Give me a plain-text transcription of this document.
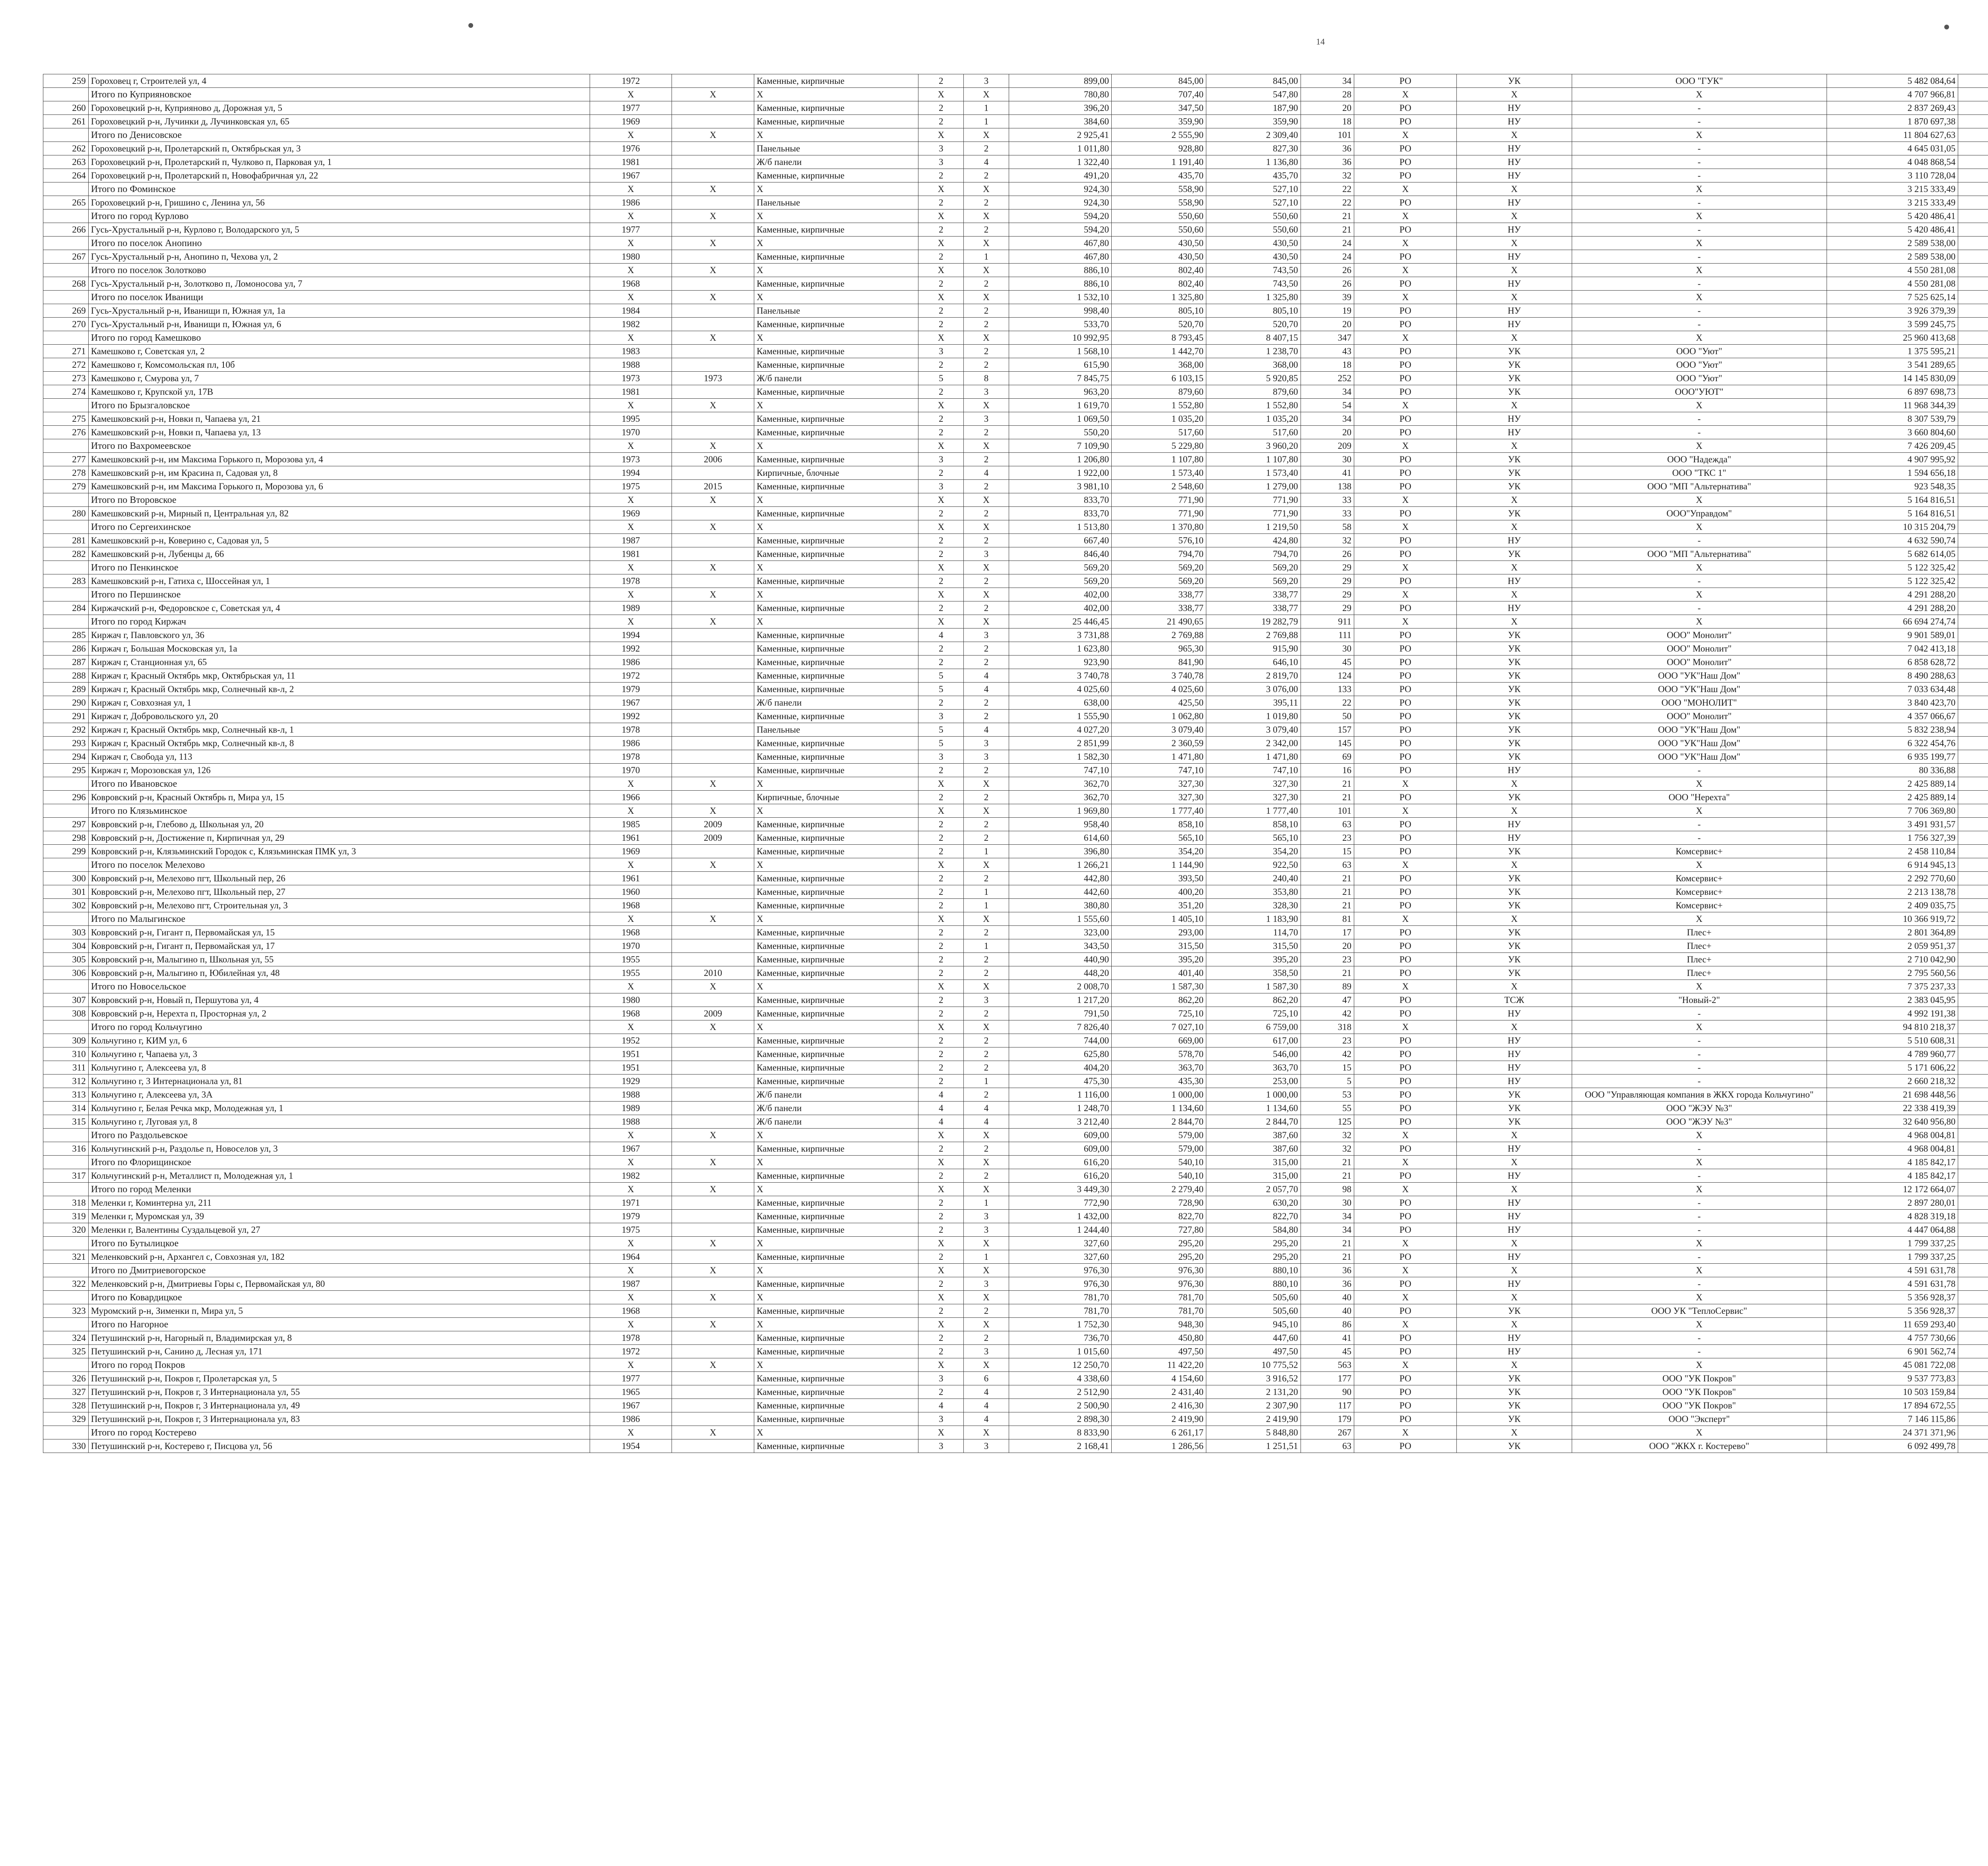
14
259	Гороховец г, Строителей ул, 4	1972		Каменные, кирпичные	2	3	899,00	845,00	845,00	34	РО	УК	ООО "ГУК"	5 482 084,64						
	Итого по Куприяновское	X	X	X	X	X	780,80	707,40	547,80	28	X	X	X	4 707 966,81						
260	Гороховецкий р-н, Куприяново д, Дорожная ул, 5	1977		Каменные, кирпичные	2	1	396,20	347,50	187,90	20	РО	НУ	-	2 837 269,43						
261	Гороховецкий р-н, Лучинки д, Лучинковская ул, 65	1969		Каменные, кирпичные	2	1	384,60	359,90	359,90	18	РО	НУ	-	1 870 697,38						
	Итого по Денисовское	X	X	X	X	X	2 925,41	2 555,90	2 309,40	101	X	X	X	11 804 627,63						
262	Гороховецкий р-н, Пролетарский п, Октябрьская ул, 3	1976		Панельные	3	2	1 011,80	928,80	827,30	36	РО	НУ	-	4 645 031,05						
263	Гороховецкий р-н, Пролетарский п, Чулково п, Парковая ул, 1	1981		Ж/б панели	3	4	1 322,40	1 191,40	1 136,80	36	РО	НУ	-	4 048 868,54						
264	Гороховецкий р-н, Пролетарский п, Новофабричная ул, 22	1967		Каменные, кирпичные	2	2	491,20	435,70	435,70	32	РО	НУ	-	3 110 728,04						
	Итого по Фоминское	X	X	X	X	X	924,30	558,90	527,10	22	X	X	X	3 215 333,49						
265	Гороховецкий р-н, Гришино с, Ленина ул, 56	1986		Панельные	2	2	924,30	558,90	527,10	22	РО	НУ	-	3 215 333,49						
	Итого по город Курлово	X	X	X	X	X	594,20	550,60	550,60	21	X	X	X	5 420 486,41						
266	Гусь-Хрустальный р-н, Курлово г, Володарского ул, 5	1977		Каменные, кирпичные	2	2	594,20	550,60	550,60	21	РО	НУ	-	5 420 486,41						
	Итого по поселок Анопино	X	X	X	X	X	467,80	430,50	430,50	24	X	X	X	2 589 538,00						
267	Гусь-Хрустальный р-н, Анопино п, Чехова ул, 2	1980		Каменные, кирпичные	2	1	467,80	430,50	430,50	24	РО	НУ	-	2 589 538,00						
	Итого по поселок Золотково	X	X	X	X	X	886,10	802,40	743,50	26	X	X	X	4 550 281,08						
268	Гусь-Хрустальный р-н, Золотково п, Ломоносова ул, 7	1968		Каменные, кирпичные	2	2	886,10	802,40	743,50	26	РО	НУ	-	4 550 281,08						
	Итого по поселок Иванищи	X	X	X	X	X	1 532,10	1 325,80	1 325,80	39	X	X	X	7 525 625,14						
269	Гусь-Хрустальный р-н, Иванищи п, Южная ул, 1а	1984		Панельные	2	2	998,40	805,10	805,10	19	РО	НУ	-	3 926 379,39						
270	Гусь-Хрустальный р-н, Иванищи п, Южная ул, 6	1982		Каменные, кирпичные	2	2	533,70	520,70	520,70	20	РО	НУ	-	3 599 245,75						
	Итого по город Камешково	X	X	X	X	X	10 992,95	8 793,45	8 407,15	347	X	X	X	25 960 413,68						
271	Камешково г, Советская ул, 2	1983		Каменные, кирпичные	3	2	1 568,10	1 442,70	1 238,70	43	РО	УК	ООО "Уют"	1 375 595,21						
272	Камешково г, Комсомольская пл, 10б	1988		Каменные, кирпичные	2	2	615,90	368,00	368,00	18	РО	УК	ООО "Уют"	3 541 289,65						
273	Камешково г, Смурова ул, 7	1973	1973	Ж/б панели	5	8	7 845,75	6 103,15	5 920,85	252	РО	УК	ООО "Уют"	14 145 830,09						
274	Камешково г, Крупской ул, 17В	1981		Каменные, кирпичные	2	3	963,20	879,60	879,60	34	РО	УК	ООО"УЮТ"	6 897 698,73						
	Итого по Брызгаловское	X	X	X	X	X	1 619,70	1 552,80	1 552,80	54	X	X	X	11 968 344,39						
275	Камешковский р-н, Новки п, Чапаева ул, 21	1995		Каменные, кирпичные	2	3	1 069,50	1 035,20	1 035,20	34	РО	НУ	-	8 307 539,79						
276	Камешковский р-н, Новки п, Чапаева ул, 13	1970		Каменные, кирпичные	2	2	550,20	517,60	517,60	20	РО	НУ	-	3 660 804,60						
	Итого по Вахромеевское	X	X	X	X	X	7 109,90	5 229,80	3 960,20	209	X	X	X	7 426 209,45						
277	Камешковский р-н, им Максима Горького п, Морозова ул, 4	1973	2006	Каменные, кирпичные	3	2	1 206,80	1 107,80	1 107,80	30	РО	УК	ООО "Надежда"	4 907 995,92						
278	Камешковский р-н, им Красина п, Садовая ул, 8	1994		Кирпичные, блочные	2	4	1 922,00	1 573,40	1 573,40	41	РО	УК	ООО "ТКС 1"	1 594 656,18						
279	Камешковский р-н, им Максима Горького п, Морозова ул, 6	1975	2015	Каменные, кирпичные	3	2	3 981,10	2 548,60	1 279,00	138	РО	УК	ООО "МП "Альтернатива"	923 548,35						
	Итого по Второвское	X	X	X	X	X	833,70	771,90	771,90	33	X	X	X	5 164 816,51						
280	Камешковский р-н, Мирный п, Центральная ул, 82	1969		Каменные, кирпичные	2	2	833,70	771,90	771,90	33	РО	УК	ООО"Управдом"	5 164 816,51						
	Итого по Сергеихинское	X	X	X	X	X	1 513,80	1 370,80	1 219,50	58	X	X	X	10 315 204,79						
281	Камешковский р-н, Коверино с, Садовая ул, 5	1987		Каменные, кирпичные	2	2	667,40	576,10	424,80	32	РО	НУ	-	4 632 590,74						
282	Камешковский р-н, Лубенцы д, 66	1981		Каменные, кирпичные	2	3	846,40	794,70	794,70	26	РО	УК	ООО "МП "Альтернатива"	5 682 614,05						
	Итого по Пенкинское	X	X	X	X	X	569,20	569,20	569,20	29	X	X	X	5 122 325,42						
283	Камешковский р-н, Гатиха с, Шоссейная ул, 1	1978		Каменные, кирпичные	2	2	569,20	569,20	569,20	29	РО	НУ	-	5 122 325,42						
	Итого по Першинское	X	X	X	X	X	402,00	338,77	338,77	29	X	X	X	4 291 288,20						
284	Киржачский р-н, Федоровское с, Советская ул, 4	1989		Каменные, кирпичные	2	2	402,00	338,77	338,77	29	РО	НУ	-	4 291 288,20						
	Итого по город Киржач	X	X	X	X	X	25 446,45	21 490,65	19 282,79	911	X	X	X	66 694 274,74						
285	Киржач г, Павловского ул, 36	1994		Каменные, кирпичные	4	3	3 731,88	2 769,88	2 769,88	111	РО	УК	ООО" Монолит"	9 901 589,01						
286	Киржач г, Большая Московская ул, 1а	1992		Каменные, кирпичные	2	2	1 623,80	965,30	915,90	30	РО	УК	ООО" Монолит"	7 042 413,18						
287	Киржач г, Станционная ул, 65	1986		Каменные, кирпичные	2	2	923,90	841,90	646,10	45	РО	УК	ООО" Монолит"	6 858 628,72						
288	Киржач г, Красный Октябрь мкр, Октябрьская ул, 11	1972		Каменные, кирпичные	5	4	3 740,78	3 740,78	2 819,70	124	РО	УК	ООО "УК"Наш Дом"	8 490 288,63						
289	Киржач г, Красный Октябрь мкр, Солнечный кв-л, 2	1979		Каменные, кирпичные	5	4	4 025,60	4 025,60	3 076,00	133	РО	УК	ООО "УК"Наш Дом"	7 033 634,48						
290	Киржач г, Совхозная ул, 1	1967		Ж/б панели	2	2	638,00	425,50	395,11	22	РО	УК	ООО "МОНОЛИТ"	3 840 423,70						
291	Киржач г, Добровольского ул, 20	1992		Каменные, кирпичные	3	2	1 555,90	1 062,80	1 019,80	50	РО	УК	ООО" Монолит"	4 357 066,67						
292	Киржач г, Красный Октябрь мкр, Солнечный кв-л, 1	1978		Панельные	5	4	4 027,20	3 079,40	3 079,40	157	РО	УК	ООО "УК"Наш Дом"	5 832 238,94						
293	Киржач г, Красный Октябрь мкр, Солнечный кв-л, 8	1986		Каменные, кирпичные	5	3	2 851,99	2 360,59	2 342,00	145	РО	УК	ООО "УК"Наш Дом"	6 322 454,76						
294	Киржач г, Свобода ул, 113	1978		Каменные, кирпичные	3	3	1 582,30	1 471,80	1 471,80	69	РО	УК	ООО "УК"Наш Дом"	6 935 199,77						
295	Киржач г, Морозовская ул, 126	1970		Каменные, кирпичные	2	2	747,10	747,10	747,10	16	РО	НУ	-	80 336,88						
	Итого по Ивановское	X	X	X	X	X	362,70	327,30	327,30	21	X	X	X	2 425 889,14						
296	Ковровский р-н, Красный Октябрь п, Мира ул, 15	1966		Кирпичные, блочные	2	2	362,70	327,30	327,30	21	РО	УК	ООО "Нерехта"	2 425 889,14						
	Итого по Клязьминское	X	X	X	X	X	1 969,80	1 777,40	1 777,40	101	X	X	X	7 706 369,80						
297	Ковровский р-н, Глебово д, Школьная ул, 20	1985	2009	Каменные, кирпичные	2	2	958,40	858,10	858,10	63	РО	НУ	-	3 491 931,57						
298	Ковровский р-н, Достижение п, Кирпичная ул, 29	1961	2009	Каменные, кирпичные	2	2	614,60	565,10	565,10	23	РО	НУ	-	1 756 327,39						
299	Ковровский р-н, Клязьминский Городок с, Клязьминская ПМК ул, 3	1969		Каменные, кирпичные	2	1	396,80	354,20	354,20	15	РО	УК	Комсервис+	2 458 110,84						
	Итого по поселок Мелехово	X	X	X	X	X	1 266,21	1 144,90	922,50	63	X	X	X	6 914 945,13						
300	Ковровский р-н, Мелехово пгт, Школьный пер, 26	1961		Каменные, кирпичные	2	2	442,80	393,50	240,40	21	РО	УК	Комсервис+	2 292 770,60						
301	Ковровский р-н, Мелехово пгт, Школьный пер, 27	1960		Каменные, кирпичные	2	1	442,60	400,20	353,80	21	РО	УК	Комсервис+	2 213 138,78						
302	Ковровский р-н, Мелехово пгт, Строительная ул, 3	1968		Каменные, кирпичные	2	1	380,80	351,20	328,30	21	РО	УК	Комсервис+	2 409 035,75						
	Итого по Малыгинское	X	X	X	X	X	1 555,60	1 405,10	1 183,90	81	X	X	X	10 366 919,72						
303	Ковровский р-н, Гигант п, Первомайская ул, 15	1968		Каменные, кирпичные	2	2	323,00	293,00	114,70	17	РО	УК	Плес+	2 801 364,89						
304	Ковровский р-н, Гигант п, Первомайская ул, 17	1970		Каменные, кирпичные	2	1	343,50	315,50	315,50	20	РО	УК	Плес+	2 059 951,37						
305	Ковровский р-н, Малыгино п, Школьная ул, 55	1955		Каменные, кирпичные	2	2	440,90	395,20	395,20	23	РО	УК	Плес+	2 710 042,90						
306	Ковровский р-н, Малыгино п, Юбилейная ул, 48	1955	2010	Каменные, кирпичные	2	2	448,20	401,40	358,50	21	РО	УК	Плес+	2 795 560,56						
	Итого по Новосельское	X	X	X	X	X	2 008,70	1 587,30	1 587,30	89	X	X	X	7 375 237,33						
307	Ковровский р-н, Новый п, Першутова ул, 4	1980		Каменные, кирпичные	2	3	1 217,20	862,20	862,20	47	РО	ТСЖ	"Новый-2"	2 383 045,95						
308	Ковровский р-н, Нерехта п, Просторная ул, 2	1968	2009	Каменные, кирпичные	2	2	791,50	725,10	725,10	42	РО	НУ	-	4 992 191,38						
	Итого по город Кольчугино	X	X	X	X	X	7 826,40	7 027,10	6 759,00	318	X	X	X	94 810 218,37						
309	Кольчугино г, КИМ ул, 6	1952		Каменные, кирпичные	2	2	744,00	669,00	617,00	23	РО	НУ	-	5 510 608,31						
310	Кольчугино г, Чапаева ул, 3	1951		Каменные, кирпичные	2	2	625,80	578,70	546,00	42	РО	НУ	-	4 789 960,77						
311	Кольчугино г, Алексеева ул, 8	1951		Каменные, кирпичные	2	2	404,20	363,70	363,70	15	РО	НУ	-	5 171 606,22						
312	Кольчугино г, 3 Интернационала ул, 81	1929		Каменные, кирпичные	2	1	475,30	435,30	253,00	5	РО	НУ	-	2 660 218,32						
313	Кольчугино г, Алексеева ул, 3А	1988		Ж/б панели	4	2	1 116,00	1 000,00	1 000,00	53	РО	УК	ООО "Управляющая компания в ЖКХ города Кольчугино"	21 698 448,56						
314	Кольчугино г, Белая Речка мкр, Молодежная ул, 1	1989		Ж/б панели	4	4	1 248,70	1 134,60	1 134,60	55	РО	УК	ООО "ЖЭУ №3"	22 338 419,39						
315	Кольчугино г, Луговая ул, 8	1988		Ж/б панели	4	4	3 212,40	2 844,70	2 844,70	125	РО	УК	ООО "ЖЭУ №3"	32 640 956,80						
	Итого по Раздольевское	X	X	X	X	X	609,00	579,00	387,60	32	X	X	X	4 968 004,81						
316	Кольчугинский р-н, Раздолье п, Новоселов ул, 3	1967		Каменные, кирпичные	2	2	609,00	579,00	387,60	32	РО	НУ	-	4 968 004,81						
	Итого по Флорищинское	X	X	X	X	X	616,20	540,10	315,00	21	X	X	X	4 185 842,17						
317	Кольчугинский р-н, Металлист п, Молодежная ул, 1	1982		Каменные, кирпичные	2	2	616,20	540,10	315,00	21	РО	НУ	-	4 185 842,17						
	Итого по город Меленки	X	X	X	X	X	3 449,30	2 279,40	2 057,70	98	X	X	X	12 172 664,07						
318	Меленки г, Коминтерна ул, 211	1971		Каменные, кирпичные	2	1	772,90	728,90	630,20	30	РО	НУ	-	2 897 280,01						
319	Меленки г, Муромская ул, 39	1979		Каменные, кирпичные	2	3	1 432,00	822,70	822,70	34	РО	НУ	-	4 828 319,18						
320	Меленки г, Валентины Суздальцевой ул, 27	1975		Каменные, кирпичные	2	3	1 244,40	727,80	584,80	34	РО	НУ	-	4 447 064,88						
	Итого по Бутылицкое	X	X	X	X	X	327,60	295,20	295,20	21	X	X	X	1 799 337,25						
321	Меленковский р-н, Архангел с, Совхозная ул, 182	1964		Каменные, кирпичные	2	1	327,60	295,20	295,20	21	РО	НУ	-	1 799 337,25						
	Итого по Дмитриевогорское	X	X	X	X	X	976,30	976,30	880,10	36	X	X	X	4 591 631,78						
322	Меленковский р-н, Дмитриевы Горы с, Первомайская ул, 80	1987		Каменные, кирпичные	2	3	976,30	976,30	880,10	36	РО	НУ	-	4 591 631,78						
	Итого по Ковардицкое	X	X	X	X	X	781,70	781,70	505,60	40	X	X	X	5 356 928,37						
323	Муромский р-н, Зименки п, Мира ул, 5	1968		Каменные, кирпичные	2	2	781,70	781,70	505,60	40	РО	УК	ООО УК "ТеплоСервис"	5 356 928,37						
	Итого по Нагорное	X	X	X	X	X	1 752,30	948,30	945,10	86	X	X	X	11 659 293,40						
324	Петушинский р-н, Нагорный п, Владимирская ул, 8	1978		Каменные, кирпичные	2	2	736,70	450,80	447,60	41	РО	НУ	-	4 757 730,66						
325	Петушинский р-н, Санино д, Лесная ул, 171	1972		Каменные, кирпичные	2	3	1 015,60	497,50	497,50	45	РО	НУ	-	6 901 562,74						
	Итого по город Покров	X	X	X	X	X	12 250,70	11 422,20	10 775,52	563	X	X	X	45 081 722,08						
326	Петушинский р-н, Покров г, Пролетарская ул, 5	1977		Каменные, кирпичные	3	6	4 338,60	4 154,60	3 916,52	177	РО	УК	ООО "УК Покров"	9 537 773,83						
327	Петушинский р-н, Покров г, 3 Интернационала ул, 55	1965		Каменные, кирпичные	2	4	2 512,90	2 431,40	2 131,20	90	РО	УК	ООО "УК Покров"	10 503 159,84						
328	Петушинский р-н, Покров г, 3 Интернационала ул, 49	1967		Каменные, кирпичные	4	4	2 500,90	2 416,30	2 307,90	117	РО	УК	ООО "УК Покров"	17 894 672,55						
329	Петушинский р-н, Покров г, 3 Интернационала ул, 83	1986		Каменные, кирпичные	3	4	2 898,30	2 419,90	2 419,90	179	РО	УК	ООО "Эксперт"	7 146 115,86						
	Итого по город Костерево	X	X	X	X	X	8 833,90	6 261,17	5 848,80	267	X	X	X	24 371 371,96						
330	Петушинский р-н, Костерево г, Писцова ул, 56	1954		Каменные, кирпичные	3	3	2 168,41	1 286,56	1 251,51	63	РО	УК	ООО "ЖКХ г. Костерево"	6 092 499,78						
